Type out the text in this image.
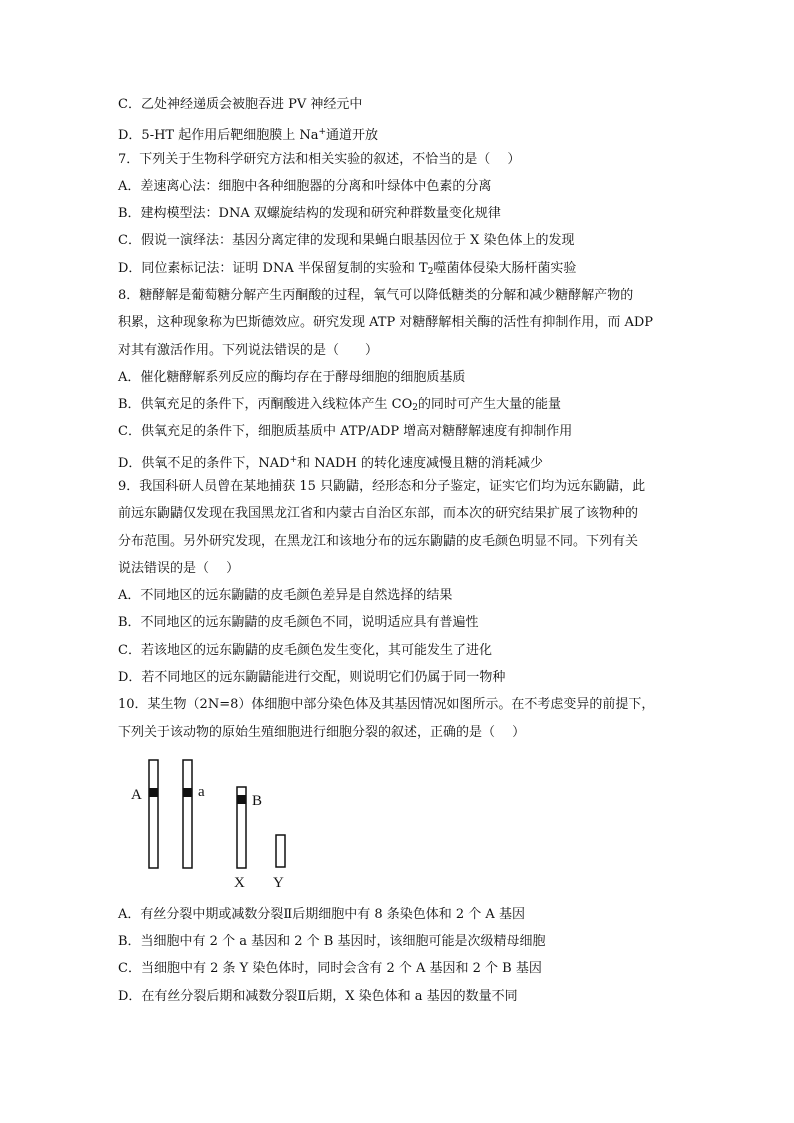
C．乙处神经递质会被胞吞进 PV 神经元中
D．5-HT 起作用后靶细胞膜上 Na+通道开放
7．下列关于生物科学研究方法和相关实验的叙述，不恰当的是（　 ）
A．差速离心法：细胞中各种细胞器的分离和叶绿体中色素的分离
B．建构模型法：DNA 双螺旋结构的发现和研究种群数量变化规律
C．假说一演绎法：基因分离定律的发现和果蝇白眼基因位于 X 染色体上的发现
D．同位素标记法：证明 DNA 半保留复制的实验和 $T_2$噬菌体侵染大肠杆菌实验
8．糖酵解是葡萄糖分解产生丙酮酸的过程，氧气可以降低糖类的分解和减少糖酵解产物的
积累，这种现象称为巴斯德效应。研究发现 ATP 对糖酵解相关酶的活性有抑制作用，而 ADP
对其有激活作用。下列说法错误的是（　　）
A．催化糖酵解系列反应的酶均存在于酵母细胞的细胞质基质
B．供氧充足的条件下，丙酮酸进入线粒体产生 $CO_2$的同时可产生大量的能量
C．供氧充足的条件下，细胞质基质中 ATP/ADP 增高对糖酵解速度有抑制作用
D．供氧不足的条件下，NAD+和 NADH 的转化速度减慢且糖的消耗减少
9．我国科研人员曾在某地捕获 15 只鼩鼱，经形态和分子鉴定，证实它们均为远东鼩鼱，此
前远东鼩鼱仅发现在我国黑龙江省和内蒙古自治区东部，而本次的研究结果扩展了该物种的
分布范围。另外研究发现，在黑龙江和该地分布的远东鼩鼱的皮毛颜色明显不同。下列有关
说法错误的是（　 ）
A．不同地区的远东鼩鼱的皮毛颜色差异是自然选择的结果
B．不同地区的远东鼩鼱的皮毛颜色不同，说明适应具有普遍性
C．若该地区的远东鼩鼱的皮毛颜色发生变化，其可能发生了进化
D．若不同地区的远东鼩鼱能进行交配，则说明它们仍属于同一物种
10．某生物（2N=8）体细胞中部分染色体及其基因情况如图所示。在不考虑变异的前提下，
下列关于该动物的原始生殖细胞进行细胞分裂的叙述，正确的是（　 ）
A	a
B
X Y
A．有丝分裂中期或减数分裂Ⅱ后期细胞中有 8 条染色体和 2 个 A 基因
B．当细胞中有 2 个 a 基因和 2 个 B 基因时，该细胞可能是次级精母细胞
C．当细胞中有 2 条 Y 染色体时，同时会含有 2 个 A 基因和 2 个 B 基因
D．在有丝分裂后期和减数分裂Ⅱ后期，X 染色体和 a 基因的数量不同
